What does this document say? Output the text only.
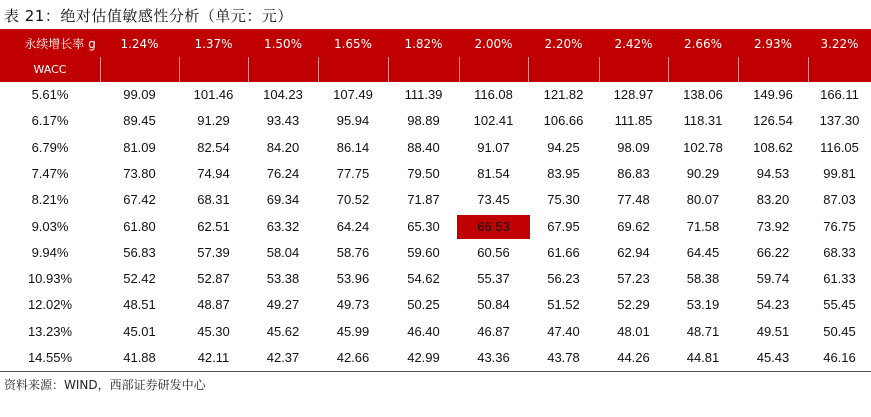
表 21：绝对估值敏感性分析（单元：元）
永续增长率 g
WACC
1.24%	1.37%	1.50%	1.65%	1.82%	2.00%	2.20%	2.42%	2.66%	2.93%	3.22%
5.61%	99.09	101.46	104.23	107.49	111.39	116.08	121.82	128.97	138.06	149.96	166.11
6.17%	89.45	91.29	93.43	95.94	98.89	102.41	106.66	111.85	118.31	126.54	137.30
6.79%	81.09	82.54	84.20	86.14	88.40	91.07	94.25	98.09	102.78	108.62	116.05
7.47%	73.80	74.94	76.24	77.75	79.50	81.54	83.95	86.83	90.29	94.53	99.81
8.21%	67.42	68.31	69.34	70.52	71.87	73.45	75.30	77.48	80.07	83.20	87.03
9.03%	61.80	62.51	63.32	64.24	65.30	66.53	67.95	69.62	71.58	73.92	76.75
9.94%	56.83	57.39	58.04	58.76	59.60	60.56	61.66	62.94	64.45	66.22	68.33
10.93%	52.42	52.87	53.38	53.96	54.62	55.37	56.23	57.23	58.38	59.74	61.33
12.02%	48.51	48.87	49.27	49.73	50.25	50.84	51.52	52.29	53.19	54.23	55.45
13.23%	45.01	45.30	45.62	45.99	46.40	46.87	47.40	48.01	48.71	49.51	50.45
14.55%	41.88	42.11	42.37	42.66	42.99	43.36	43.78	44.26	44.81	45.43	46.16
资料来源：WIND，西部证券研发中心
